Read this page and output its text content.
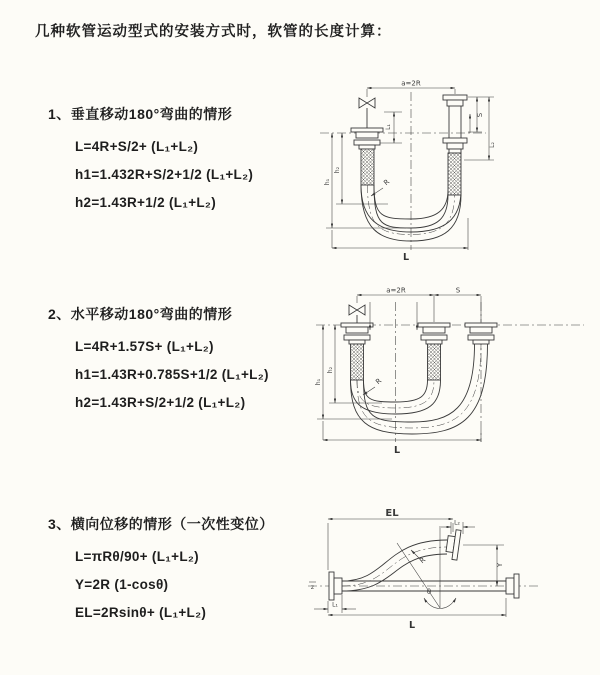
几种软管运动型式的安装方式时，软管的长度计算：
1、垂直移动180°弯曲的情形
L=4R+S/2+ (L₁+L₂)
h1=1.432R+S/2+1/2 (L₁+L₂)
h2=1.43R+1/2 (L₁+L₂)
2、水平移动180°弯曲的情形
L=4R+1.57S+ (L₁+L₂)
h1=1.43R+0.785S+1/2 (L₁+L₂)
h2=1.43R+S/2+1/2 (L₁+L₂)
3、横向位移的情形（一次性变位）
L=πRθ/90+ (L₁+L₂)
Y=2R (1-cosθ)
EL=2Rsinθ+ (L₁+L₂)
a=2R
L₁
S
L₂
h₁
h₂
R
L
a=2R	S
h₁
h₂
R
L
EL
L₂
z
L₁
Y
R
θ
L
